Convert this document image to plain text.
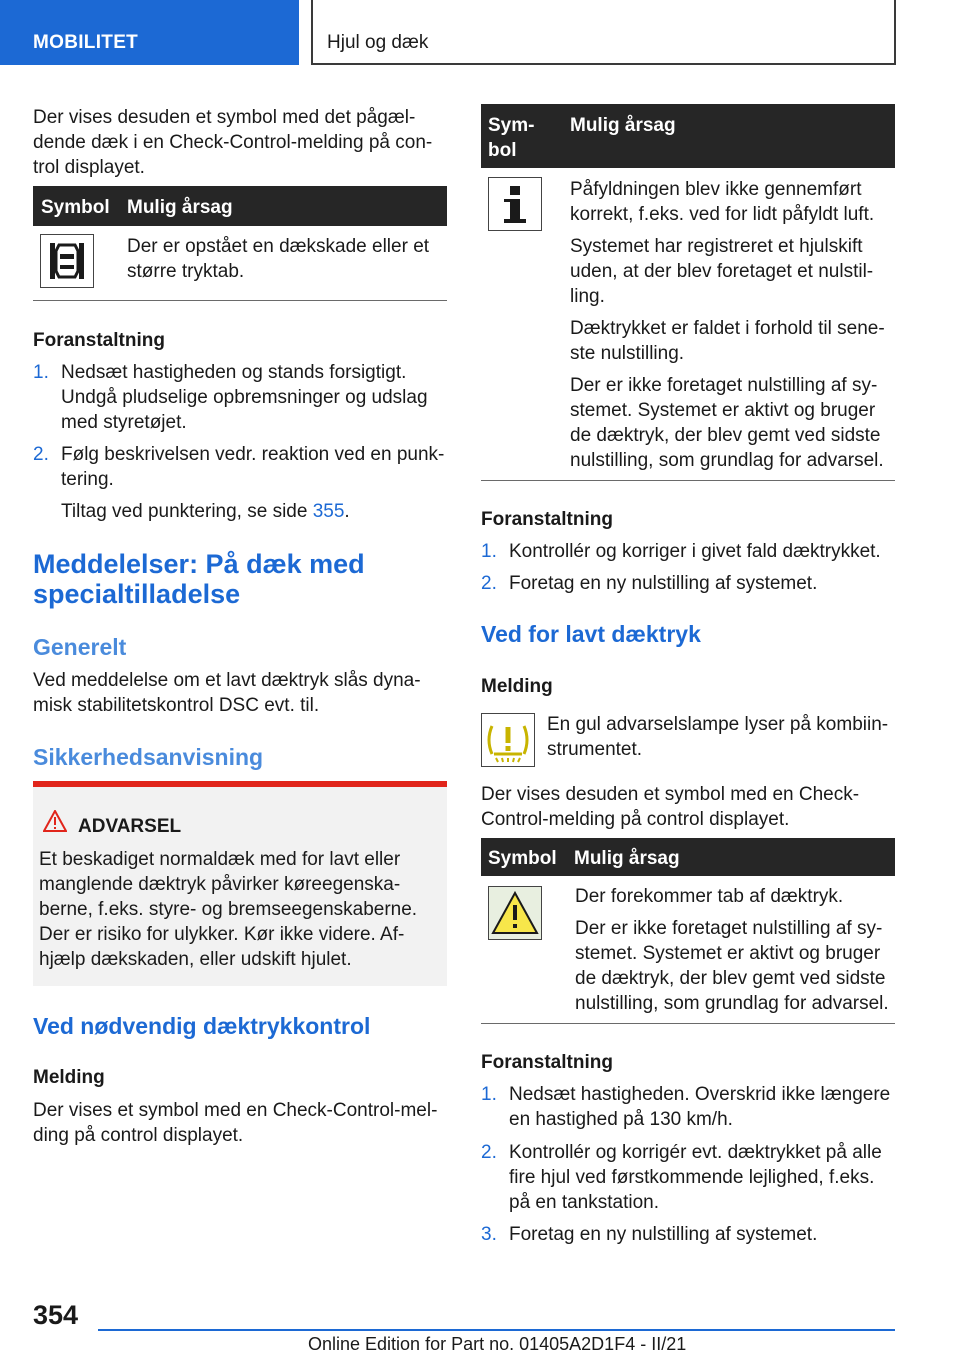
MOBILITET	Hjul og dæk
Der vises desuden et symbol med det pågæl-
dende dæk i en Check-Control-melding på con-
trol displayet.
Symbol Mulig årsag
Der er opstået en dækskade eller et
større tryktab.
Foranstaltning
1. Nedsæt hastigheden og stands forsigtigt.
Undgå pludselige opbremsninger og udslag
med styretøjet.
2. Følg beskrivelsen vedr. reaktion ved en punk-
tering.
Tiltag ved punktering, se side 355.
Meddelelser: På dæk med
specialtilladelse
Generelt
Ved meddelelse om et lavt dæktryk slås dyna-
misk stabilitetskontrol DSC evt. til.
Sikkerhedsanvisning
ADVARSEL
Et beskadiget normaldæk med for lavt eller
manglende dæktryk påvirker køreegenska-
berne, f.eks. styre- og bremseegenskaberne.
Der er risiko for ulykker. Kør ikke videre. Af-
hjælp dækskaden, eller udskift hjulet.
Ved nødvendig dæktrykkontrol
Melding
Der vises et symbol med en Check-Control-mel-
ding på control displayet.
Sym-
bol
Mulig årsag
Påfyldningen blev ikke gennemført
korrekt, f.eks. ved for lidt påfyldt luft.
Systemet har registreret et hjulskift
uden, at der blev foretaget et nulstil-
ling.
Dæktrykket er faldet i forhold til sene-
ste nulstilling.
Der er ikke foretaget nulstilling af sy-
stemet. Systemet er aktivt og bruger
de dæktryk, der blev gemt ved sidste
nulstilling, som grundlag for advarsel.
Foranstaltning
1. Kontrollér og korriger i givet fald dæktrykket.
2. Foretag en ny nulstilling af systemet.
Ved for lavt dæktryk
Melding
En gul advarselslampe lyser på kombiin-
strumentet.
Der vises desuden et symbol med en Check-
Control-melding på control displayet.
Symbol Mulig årsag
Der forekommer tab af dæktryk.
Der er ikke foretaget nulstilling af sy-
stemet. Systemet er aktivt og bruger
de dæktryk, der blev gemt ved sidste
nulstilling, som grundlag for advarsel.
Foranstaltning
1. Nedsæt hastigheden. Overskrid ikke længere
en hastighed på 130 km/h.
2. Kontrollér og korrigér evt. dæktrykket på alle
fire hjul ved førstkommende lejlighed, f.eks.
på en tankstation.
3. Foretag en ny nulstilling af systemet.
354
Online Edition for Part no. 01405A2D1F4 - II/21
